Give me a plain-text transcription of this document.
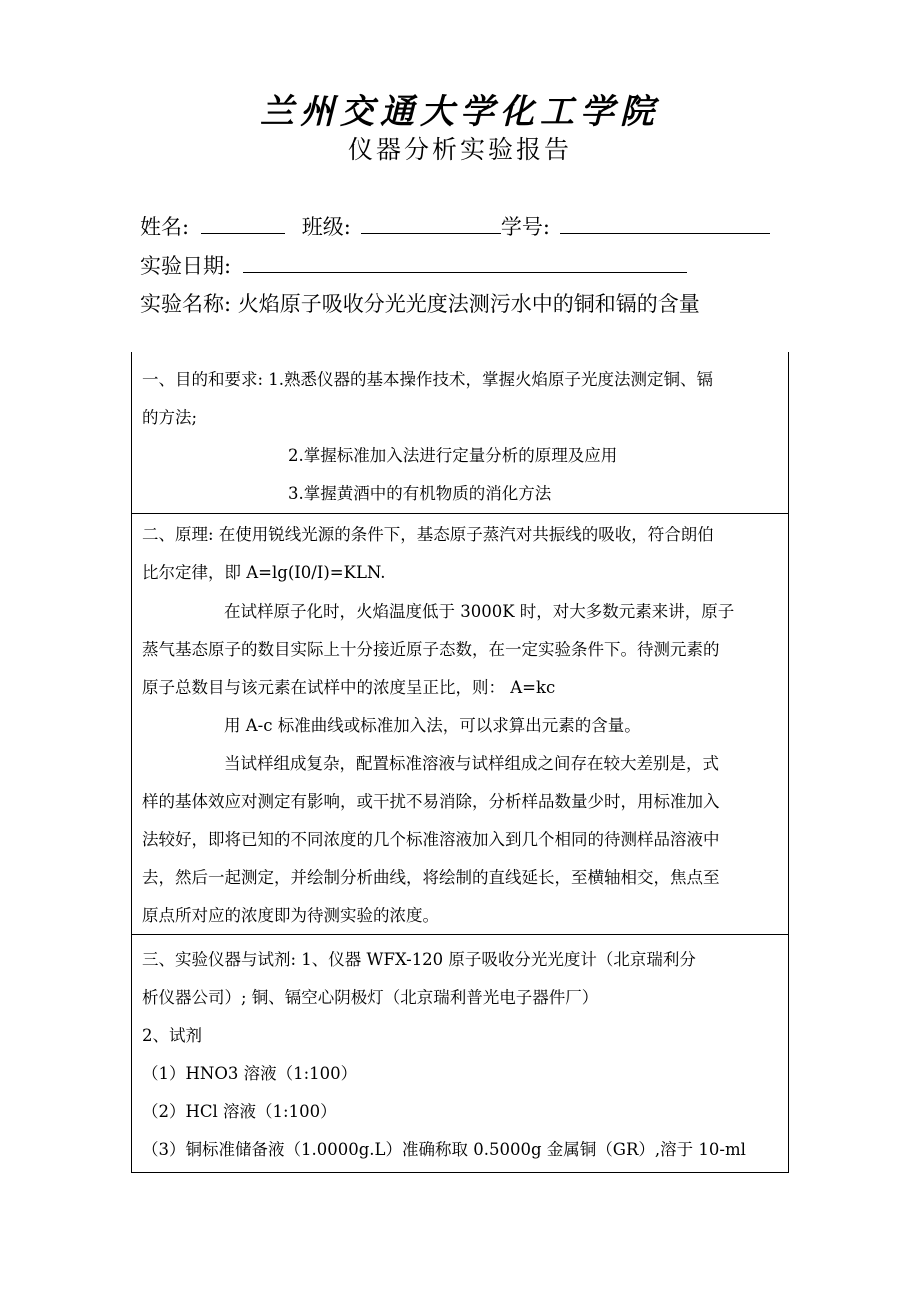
兰州交通大学化工学院
仪器分析实验报告
姓名:	班级:	学号:
实验日期:
实验名称: 火焰原子吸收分光光度法测污水中的铜和镉的含量
一、目的和要求: 1.熟悉仪器的基本操作技术，掌握火焰原子光度法测定铜、镉
的方法;
2.掌握标准加入法进行定量分析的原理及应用
3.掌握黄酒中的有机物质的消化方法
二、原理: 在使用锐线光源的条件下，基态原子蒸汽对共振线的吸收，符合朗伯
比尔定律，即 A=lg(I0/I)=KLN.
在试样原子化时，火焰温度低于 3000K 时，对大多数元素来讲，原子
蒸气基态原子的数目实际上十分接近原子态数，在一定实验条件下。待测元素的
原子总数目与该元素在试样中的浓度呈正比，则： A=kc
用 A-c 标准曲线或标准加入法，可以求算出元素的含量。
当试样组成复杂，配置标准溶液与试样组成之间存在较大差别是，式
样的基体效应对测定有影响，或干扰不易消除，分析样品数量少时，用标准加入
法较好，即将已知的不同浓度的几个标准溶液加入到几个相同的待测样品溶液中
去，然后一起测定，并绘制分析曲线，将绘制的直线延长，至横轴相交，焦点至
原点所对应的浓度即为待测实验的浓度。
三、实验仪器与试剂: 1、仪器 WFX-120 原子吸收分光光度计（北京瑞利分
析仪器公司）; 铜、镉空心阴极灯（北京瑞利普光电子器件厂）
2、试剂
（1）HNO3 溶液（1:100）
（2）HCl 溶液（1:100）
（3）铜标准储备液（1.0000g.L）准确称取 0.5000g 金属铜（GR）,溶于 10-ml
